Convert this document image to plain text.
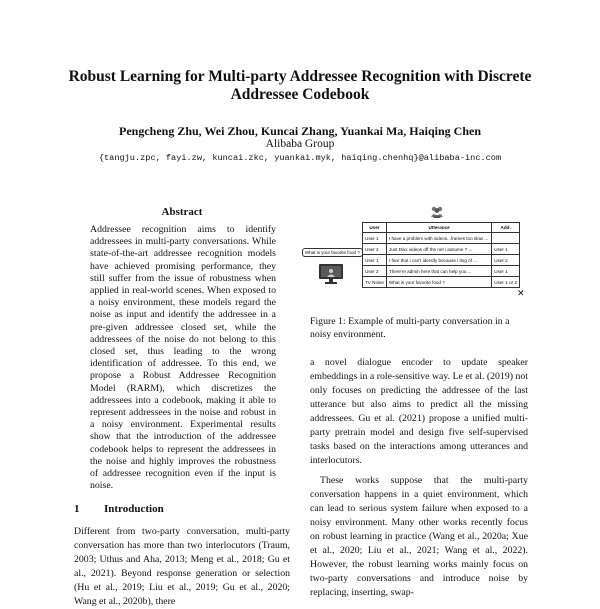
Robust Learning for Multi-party Addressee Recognition with Discrete
Addressee Codebook
Pengcheng Zhu, Wei Zhou, Kuncai Zhang, Yuankai Ma, Haiqing Chen
Alibaba Group
{tangju.zpc, fayi.zw, kuncai.zkc, yuankai.myk, haiqing.chenhq}@alibaba-inc.com
Abstract
Addressee recognition aims to identify addressees in multi-party conversations. While state-of-the-art addressee recognition models have achieved promising performance, they still suffer from the issue of robustness when applied in real-world scenes. When exposed to a noisy environment, these models regard the noise as input and identify the addressee in a pre-given addressee closed set, while the addressees of the noise do not belong to this closed set, thus leading to the wrong identification of addressee. To this end, we propose a Robust Addressee Recognition Model (RARM), which discretizes the addressees into a codebook, making it able to represent addressees in the noise and robust in a noisy environment. Experimental results show that the introduction of the addressee codebook helps to represent the addressees in the noise and highly improves the robustness of addressee recognition even if the input is noise.
1 Introduction
Different from two-party conversation, multi-party conversation has more than two interlocutors (Traum, 2003; Uthus and Aha, 2013; Meng et al., 2018; Gu et al., 2021). Beyond response generation or selection (Hu et al., 2019; Liu et al., 2019; Gu et al., 2020; Wang et al., 2020b), there
What is your favorite food ?
User	Utterance	Add.
User 1	I have a problem with videos...frames too slow ...	
User 2	Just Divx videos off the net i assume ? ...	User 1
User 1	I fear that i can't identify because i tlog of ...	User 2
User 2	There're admin here that can help you ...	User 1
TV Noise	What is your favorite food ?	User 1 or 2
✕
Figure 1: Example of multi-party conversation in a noisy environment.

a novel dialogue encoder to update speaker embeddings in a role-sensitive way. Le et al. (2019) not only focuses on predicting the addressee of the last utterance but also aims to predict all the missing addressees. Gu et al. (2021) propose a unified multi-party pretrain model and design five self-supervised tasks based on the interactions among utterances and interlocutors.

These works suppose that the multi-party conversation happens in a quiet environment, which can lead to serious system failure when exposed to a noisy environment. Many other works recently focus on robust learning in practice (Wang et al., 2020a; Xue et al., 2020; Liu et al., 2021; Wang et al., 2022). However, the robust learning works mainly focus on two-party conversations and introduce noise by replacing, inserting, swap-
